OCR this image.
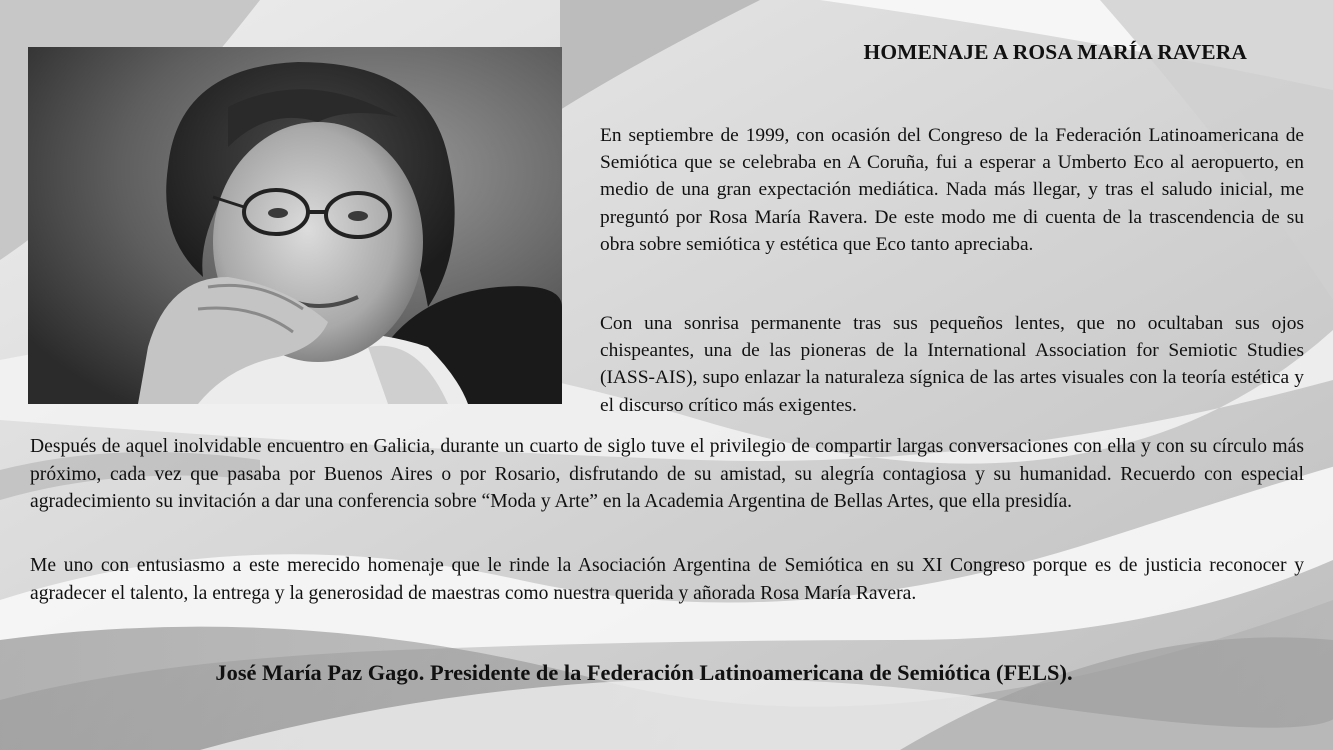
HOMENAJE A ROSA MARÍA RAVERA

En septiembre de 1999, con ocasión del Congreso de la Federación Latinoamericana de Semiótica que se celebraba en A Coruña, fui a esperar a Umberto Eco al aeropuerto, en medio de una gran expectación mediática. Nada más llegar, y tras el saludo inicial, me preguntó por Rosa María Ravera. De este modo me di cuenta de la trascendencia de su obra sobre semiótica y estética que Eco tanto apreciaba.

Con una sonrisa permanente tras sus pequeños lentes, que no ocultaban sus ojos chispeantes, una de las pioneras de la International Association for Semiotic Studies (IASS-AIS), supo enlazar la naturaleza sígnica de las artes visuales con la teoría estética y el discurso crítico más exigentes.

Después de aquel inolvidable encuentro en Galicia, durante un cuarto de siglo tuve el privilegio de compartir largas conversaciones con ella y con su círculo más próximo, cada vez que pasaba por Buenos Aires o por Rosario, disfrutando de su amistad, su alegría contagiosa y su humanidad. Recuerdo con especial agradecimiento su invitación a dar una conferencia sobre “Moda y Arte” en la Academia Argentina de Bellas Artes, que ella presidía.

Me uno con entusiasmo a este merecido homenaje que le rinde la Asociación Argentina de Semiótica en su XI Congreso porque es de justicia reconocer y agradecer el talento, la entrega y la generosidad de maestras como nuestra querida y añorada Rosa María Ravera.

José María Paz Gago. Presidente de la Federación Latinoamericana de Semiótica (FELS).
